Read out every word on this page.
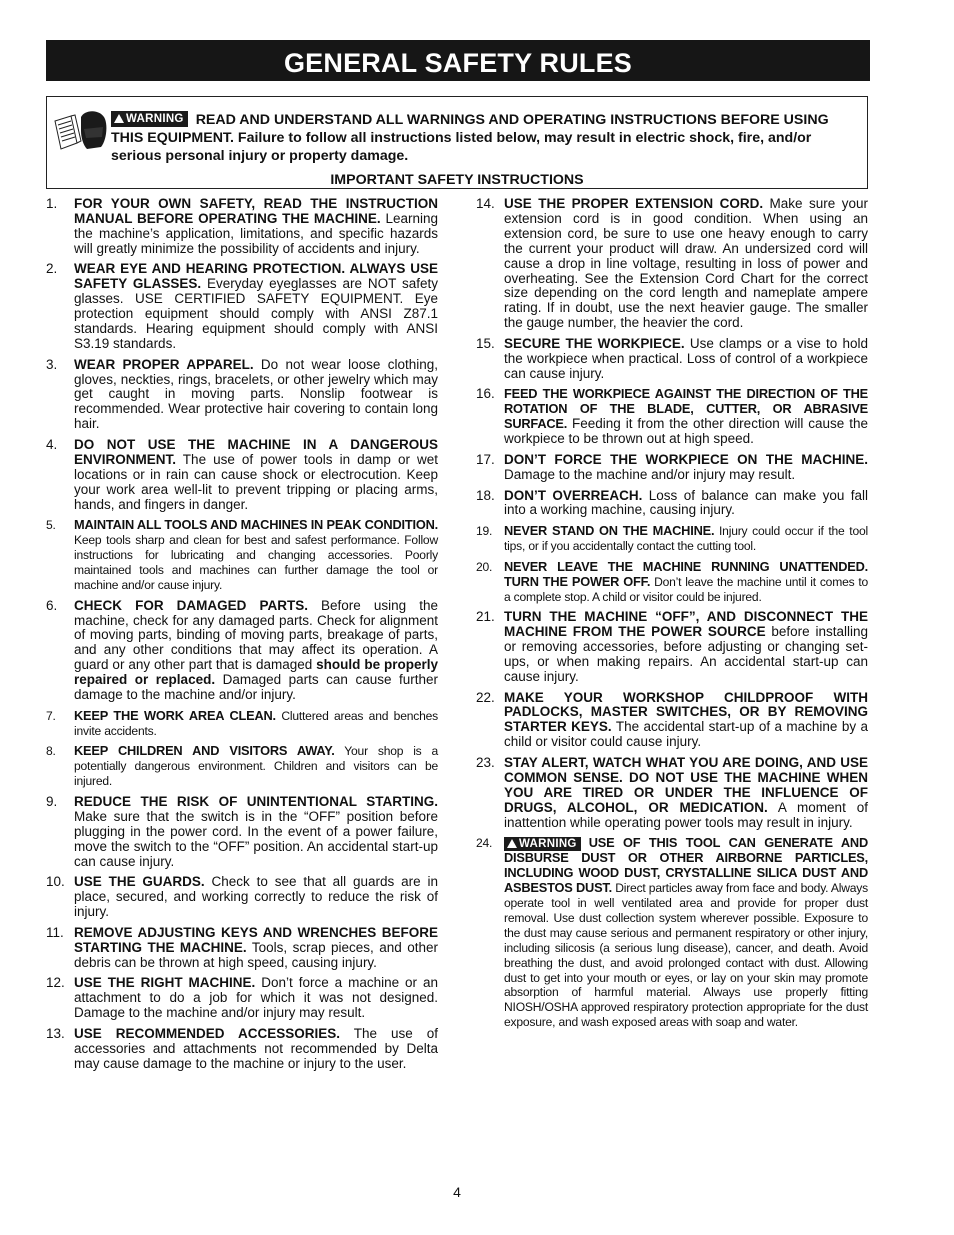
GENERAL SAFETY RULES
WARNING READ AND UNDERSTAND ALL WARNINGS AND OPERATING INSTRUCTIONS BEFORE USING THIS EQUIPMENT. Failure to follow all instructions listed below, may result in electric shock, fire, and/or serious personal injury or property damage.
IMPORTANT SAFETY INSTRUCTIONS
1. FOR YOUR OWN SAFETY, READ THE INSTRUCTION MANUAL BEFORE OPERATING THE MACHINE. Learning the machine’s application, limitations, and specific hazards will greatly minimize the possibility of accidents and injury.
2. WEAR EYE AND HEARING PROTECTION. ALWAYS USE SAFETY GLASSES. Everyday eyeglasses are NOT safety glasses. USE CERTIFIED SAFETY EQUIPMENT. Eye protection equipment should comply with ANSI Z87.1 standards. Hearing equipment should comply with ANSI S3.19 standards.
3. WEAR PROPER APPAREL. Do not wear loose clothing, gloves, neckties, rings, bracelets, or other jewelry which may get caught in moving parts. Nonslip footwear is recommended. Wear protective hair covering to contain long hair.
4. DO NOT USE THE MACHINE IN A DANGEROUS ENVIRONMENT. The use of power tools in damp or wet locations or in rain can cause shock or electrocution. Keep your work area well-lit to prevent tripping or placing arms, hands, and fingers in danger.
5. MAINTAIN ALL TOOLS AND MACHINES IN PEAK CONDITION. Keep tools sharp and clean for best and safest performance. Follow instructions for lubricating and changing accessories. Poorly maintained tools and machines can further damage the tool or machine and/or cause injury.
6. CHECK FOR DAMAGED PARTS. Before using the machine, check for any damaged parts. Check for alignment of moving parts, binding of moving parts, breakage of parts, and any other conditions that may affect its operation. A guard or any other part that is damaged should be properly repaired or replaced. Damaged parts can cause further damage to the machine and/or injury.
7. KEEP THE WORK AREA CLEAN. Cluttered areas and benches invite accidents.
8. KEEP CHILDREN AND VISITORS AWAY. Your shop is a potentially dangerous environment. Children and visitors can be injured.
9. REDUCE THE RISK OF UNINTENTIONAL STARTING. Make sure that the switch is in the “OFF” position before plugging in the power cord. In the event of a power failure, move the switch to the “OFF” position. An accidental start-up can cause injury.
10. USE THE GUARDS. Check to see that all guards are in place, secured, and working correctly to reduce the risk of injury.
11. REMOVE ADJUSTING KEYS AND WRENCHES BEFORE STARTING THE MACHINE. Tools, scrap pieces, and other debris can be thrown at high speed, causing injury.
12. USE THE RIGHT MACHINE. Don’t force a machine or an attachment to do a job for which it was not designed. Damage to the machine and/or injury may result.
13. USE RECOMMENDED ACCESSORIES. The use of accessories and attachments not recommended by Delta may cause damage to the machine or injury to the user.
14. USE THE PROPER EXTENSION CORD. Make sure your extension cord is in good condition. When using an extension cord, be sure to use one heavy enough to carry the current your product will draw. An undersized cord will cause a drop in line voltage, resulting in loss of power and overheating. See the Extension Cord Chart for the correct size depending on the cord length and nameplate ampere rating. If in doubt, use the next heavier gauge. The smaller the gauge number, the heavier the cord.
15. SECURE THE WORKPIECE. Use clamps or a vise to hold the workpiece when practical. Loss of control of a workpiece can cause injury.
16. FEED THE WORKPIECE AGAINST THE DIRECTION OF THE ROTATION OF THE BLADE, CUTTER, OR ABRASIVE SURFACE. Feeding it from the other direction will cause the workpiece to be thrown out at high speed.
17. DON’T FORCE THE WORKPIECE ON THE MACHINE. Damage to the machine and/or injury may result.
18. DON’T OVERREACH. Loss of balance can make you fall into a working machine, causing injury.
19. NEVER STAND ON THE MACHINE. Injury could occur if the tool tips, or if you accidentally contact the cutting tool.
20. NEVER LEAVE THE MACHINE RUNNING UNATTENDED. TURN THE POWER OFF. Don’t leave the machine until it comes to a complete stop. A child or visitor could be injured.
21. TURN THE MACHINE “OFF”, AND DISCONNECT THE MACHINE FROM THE POWER SOURCE before installing or removing accessories, before adjusting or changing set-ups, or when making repairs. An accidental start-up can cause injury.
22. MAKE YOUR WORKSHOP CHILDPROOF WITH PADLOCKS, MASTER SWITCHES, OR BY REMOVING STARTER KEYS. The accidental start-up of a machine by a child or visitor could cause injury.
23. STAY ALERT, WATCH WHAT YOU ARE DOING, AND USE COMMON SENSE. DO NOT USE THE MACHINE WHEN YOU ARE TIRED OR UNDER THE INFLUENCE OF DRUGS, ALCOHOL, OR MEDICATION. A moment of inattention while operating power tools may result in injury.
24. WARNING USE OF THIS TOOL CAN GENERATE AND DISBURSE DUST OR OTHER AIRBORNE PARTICLES, INCLUDING WOOD DUST, CRYSTALLINE SILICA DUST AND ASBESTOS DUST. Direct particles away from face and body. Always operate tool in well ventilated area and provide for proper dust removal. Use dust collection system wherever possible. Exposure to the dust may cause serious and permanent respiratory or other injury, including silicosis (a serious lung disease), cancer, and death. Avoid breathing the dust, and avoid prolonged contact with dust. Allowing dust to get into your mouth or eyes, or lay on your skin may promote absorption of harmful material. Always use properly fitting NIOSH/OSHA approved respiratory protection appropriate for the dust exposure, and wash exposed areas with soap and water.
4
